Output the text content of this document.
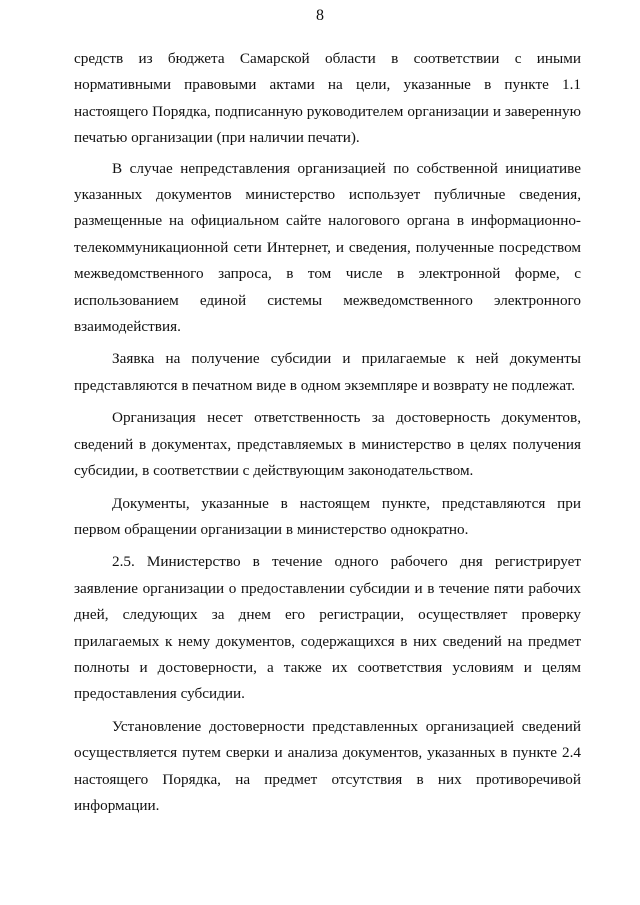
8

средств из бюджета Самарской области в соответствии с иными нормативными правовыми актами на цели, указанные в пункте 1.1 настоящего Порядка, подписанную руководителем организации и заверенную печатью организации (при наличии печати).

В случае непредставления организацией по собственной инициативе указанных документов министерство использует публичные сведения, размещенные на официальном сайте налогового органа в информационно-телекоммуникационной сети Интернет, и сведения, полученные посредством межведомственного запроса, в том числе в электронной форме, с использованием единой системы межведомственного электронного взаимодействия.

Заявка на получение субсидии и прилагаемые к ней документы представляются в печатном виде в одном экземпляре и возврату не подлежат.

Организация несет ответственность за достоверность документов, сведений в документах, представляемых в министерство в целях получения субсидии, в соответствии с действующим законодательством.

Документы, указанные в настоящем пункте, представляются при первом обращении организации в министерство однократно.

2.5. Министерство в течение одного рабочего дня регистрирует заявление организации о предоставлении субсидии и в течение пяти рабочих дней, следующих за днем его регистрации, осуществляет проверку прилагаемых к нему документов, содержащихся в них сведений на предмет полноты и достоверности, а также их соответствия условиям и целям предоставления субсидии.

Установление достоверности представленных организацией сведений осуществляется путем сверки и анализа документов, указанных в пункте 2.4 настоящего Порядка, на предмет отсутствия в них противоречивой информации.
